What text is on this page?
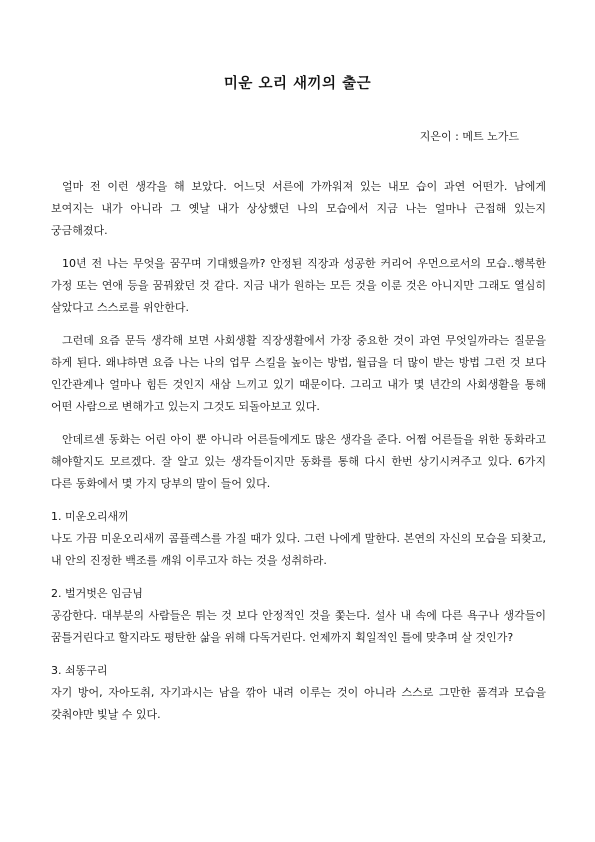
미운 오리 새끼의 출근
지은이 : 메트 노가드

얼마 전 이런 생각을 해 보았다. 어느덧 서른에 가까워져 있는 내모 습이 과연 어떤가. 남에게 보여지는 내가 아니라 그 옛날 내가 상상했던 나의 모습에서 지금 나는 얼마나 근접해 있는지 궁금해졌다.

10년 전 나는 무엇을 꿈꾸며 기대했을까? 안정된 직장과 성공한 커리어 우먼으로서의 모습..행복한 가정 또는 연애 등을 꿈꿔왔던 것 같다. 지금 내가 원하는 모든 것을 이룬 것은 아니지만 그래도 열심히 살았다고 스스로를 위안한다.

그런데 요즘 문득 생각해 보면 사회생활 직장생활에서 가장 중요한 것이 과연 무엇일까라는 질문을 하게 된다. 왜냐하면 요즘 나는 나의 업무 스킬을 높이는 방법, 월급을 더 많이 받는 방법 그런 것 보다 인간관계나 얼마나 힘든 것인지 새삼 느끼고 있기 때문이다. 그리고 내가 몇 년간의 사회생활을 통해 어떤 사람으로 변해가고 있는지 그것도 되돌아보고 있다.

안데르센 동화는 어린 아이 뿐 아니라 어른들에게도 많은 생각을 준다. 어쩜 어른들을 위한 동화라고 해야할지도 모르겠다. 잘 알고 있는 생각들이지만 동화를 통해 다시 한번 상기시켜주고 있다. 6가지 다른 동화에서 몇 가지 당부의 말이 들어 있다.

1. 미운오리새끼

나도 가끔 미운오리새끼 콤플렉스를 가질 때가 있다. 그런 나에게 말한다. 본연의 자신의 모습을 되찾고, 내 안의 진정한 백조를 깨워 이루고자 하는 것을 성취하라.

2. 벌거벗은 임금님

공감한다. 대부분의 사람들은 튀는 것 보다 안정적인 것을 쫓는다. 설사 내 속에 다른 욕구나 생각들이 꿈틀거린다고 할지라도 평탄한 삶을 위해 다독거린다. 언제까지 획일적인 틀에 맞추며 살 것인가?

3. 쇠똥구리

자기 방어, 자아도취, 자기과시는 남을 깎아 내려 이루는 것이 아니라 스스로 그만한 품격과 모습을 갖춰야만 빛날 수 있다.
